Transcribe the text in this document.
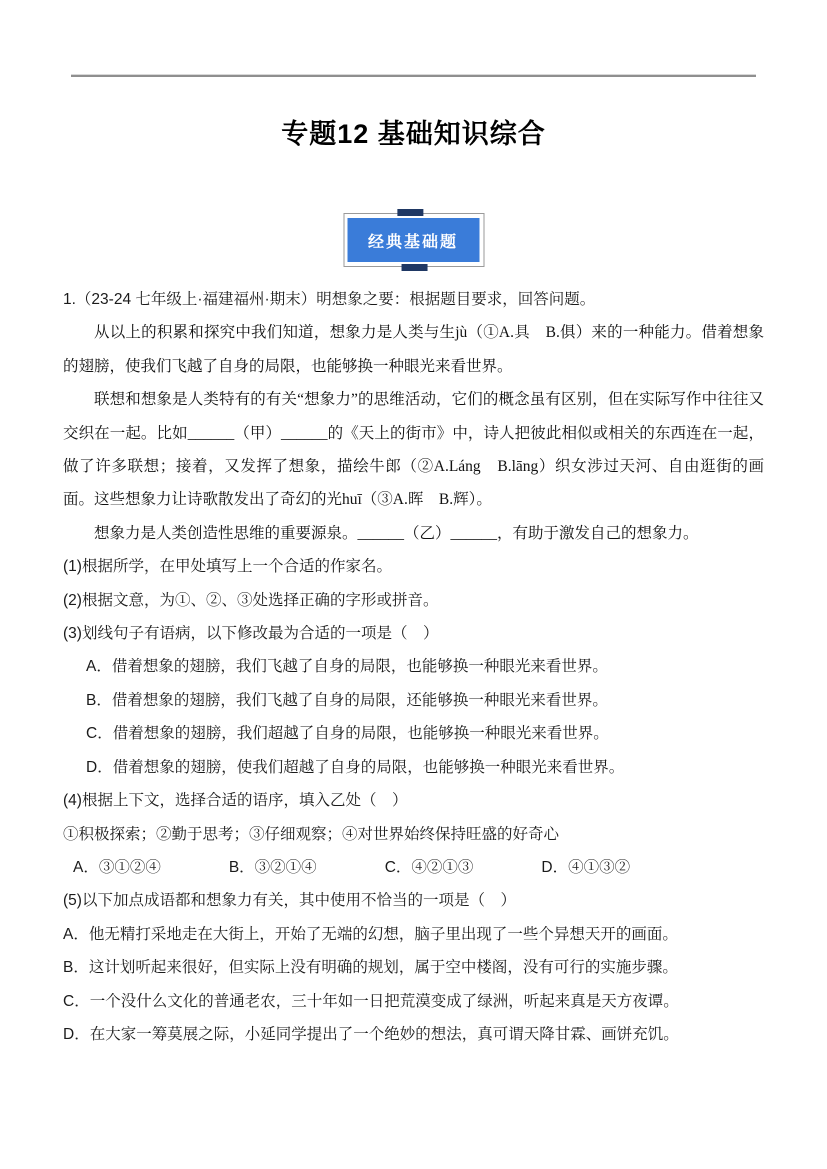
专题12 基础知识综合
经典基础题

1.（23-24 七年级上·福建福州·期末）明想象之要：根据题目要求，回答问题。

从以上的积累和探究中我们知道，想象力是人类与生jù（①A.具　B.俱）来的一种能力。借着想象的翅膀，使我们飞越了自身的局限，也能够换一种眼光来看世界。

联想和想象是人类特有的有关“想象力”的思维活动，它们的概念虽有区别，但在实际写作中往往又交织在一起。比如______（甲）______的《天上的街市》中，诗人把彼此相似或相关的东西连在一起，做了许多联想；接着，又发挥了想象，描绘牛郎（②A.Láng　B.lāng）织女涉过天河、自由逛街的画面。这些想象力让诗歌散发出了奇幻的光huī（③A.晖　B.辉）。

想象力是人类创造性思维的重要源泉。______（乙）______，有助于激发自己的想象力。

(1)根据所学，在甲处填写上一个合适的作家名。

(2)根据文意，为①、②、③处选择正确的字形或拼音。

(3)划线句子有语病，以下修改最为合适的一项是（　）

A．借着想象的翅膀，我们飞越了自身的局限，也能够换一种眼光来看世界。

B．借着想象的翅膀，我们飞越了自身的局限，还能够换一种眼光来看世界。

C．借着想象的翅膀，我们超越了自身的局限，也能够换一种眼光来看世界。

D．借着想象的翅膀，使我们超越了自身的局限，也能够换一种眼光来看世界。

(4)根据上下文，选择合适的语序，填入乙处（　）

①积极探索；②勤于思考；③仔细观察；④对世界始终保持旺盛的好奇心

A．③①②④	B．③②①④	C．④②①③	D．④①③②

(5)以下加点成语都和想象力有关，其中使用不恰当的一项是（　）

A．他无精打采地走在大街上，开始了无端的幻想，脑子里出现了一些个异想天开的画面。

B．这计划听起来很好，但实际上没有明确的规划，属于空中楼阁，没有可行的实施步骤。

C．一个没什么文化的普通老农，三十年如一日把荒漠变成了绿洲，听起来真是天方夜谭。

D．在大家一筹莫展之际，小延同学提出了一个绝妙的想法，真可谓天降甘霖、画饼充饥。
